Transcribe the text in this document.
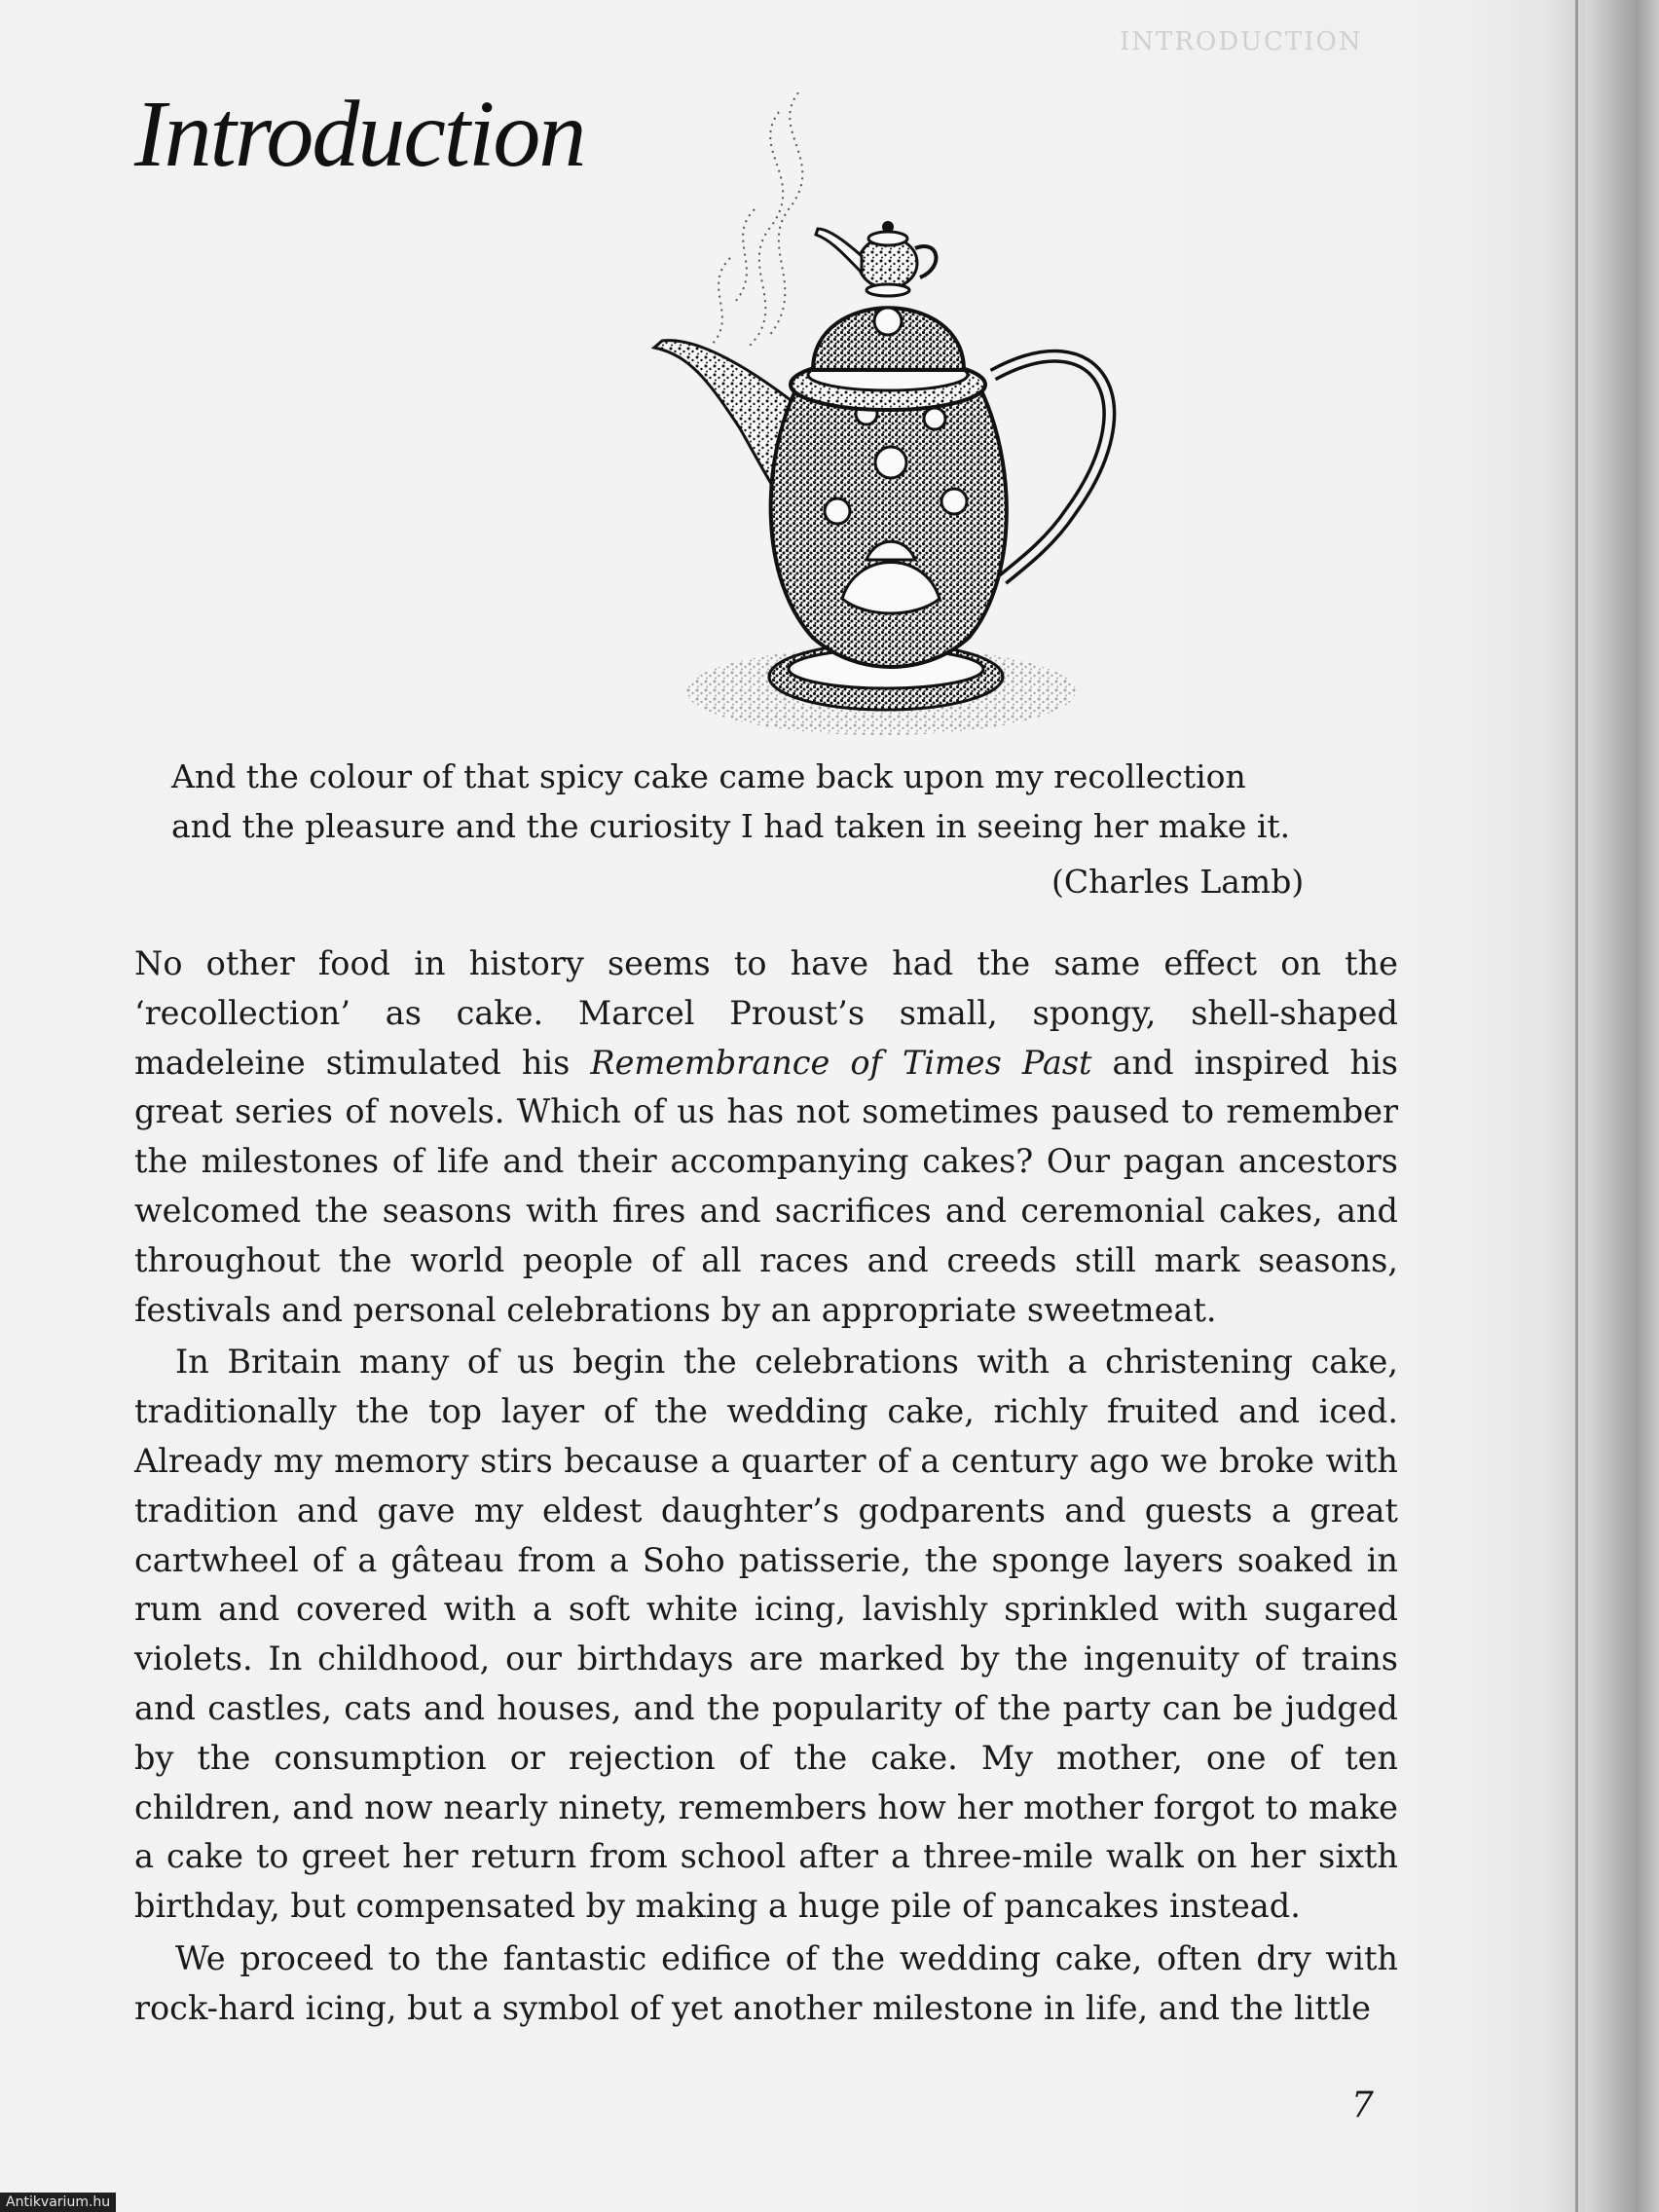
INTRODUCTION
Introduction

And the colour of that spicy cake came back upon my recollection

and the pleasure and the curiosity I had taken in seeing her make it.

(Charles Lamb)

No other food in history seems to have had the same effect on the ‘recollection’ as cake. Marcel Proust’s small, spongy, shell-shaped madeleine stimulated his Remembrance of Times Past and inspired his great series of novels. Which of us has not sometimes paused to remember the milestones of life and their accompanying cakes? Our pagan ancestors welcomed the seasons with fires and sacrifices and ceremonial cakes, and throughout the world people of all races and creeds still mark seasons, festivals and personal celebrations by an appropriate sweetmeat.

In Britain many of us begin the celebrations with a christening cake, traditionally the top layer of the wedding cake, richly fruited and iced. Already my memory stirs because a quarter of a century ago we broke with tradition and gave my eldest daughter’s godparents and guests a great cartwheel of a gâteau from a Soho patisserie, the sponge layers soaked in rum and covered with a soft white icing, lavishly sprinkled with sugared violets. In childhood, our birthdays are marked by the ingenuity of trains and castles, cats and houses, and the popularity of the party can be judged by the consumption or rejection of the cake. My mother, one of ten children, and now nearly ninety, remembers how her mother forgot to make a cake to greet her return from school after a three-mile walk on her sixth birthday, but compensated by making a huge pile of pancakes instead.

We proceed to the fantastic edifice of the wedding cake, often dry with rock-hard icing, but a symbol of yet another milestone in life, and the little

7
Antikvarium.hu
